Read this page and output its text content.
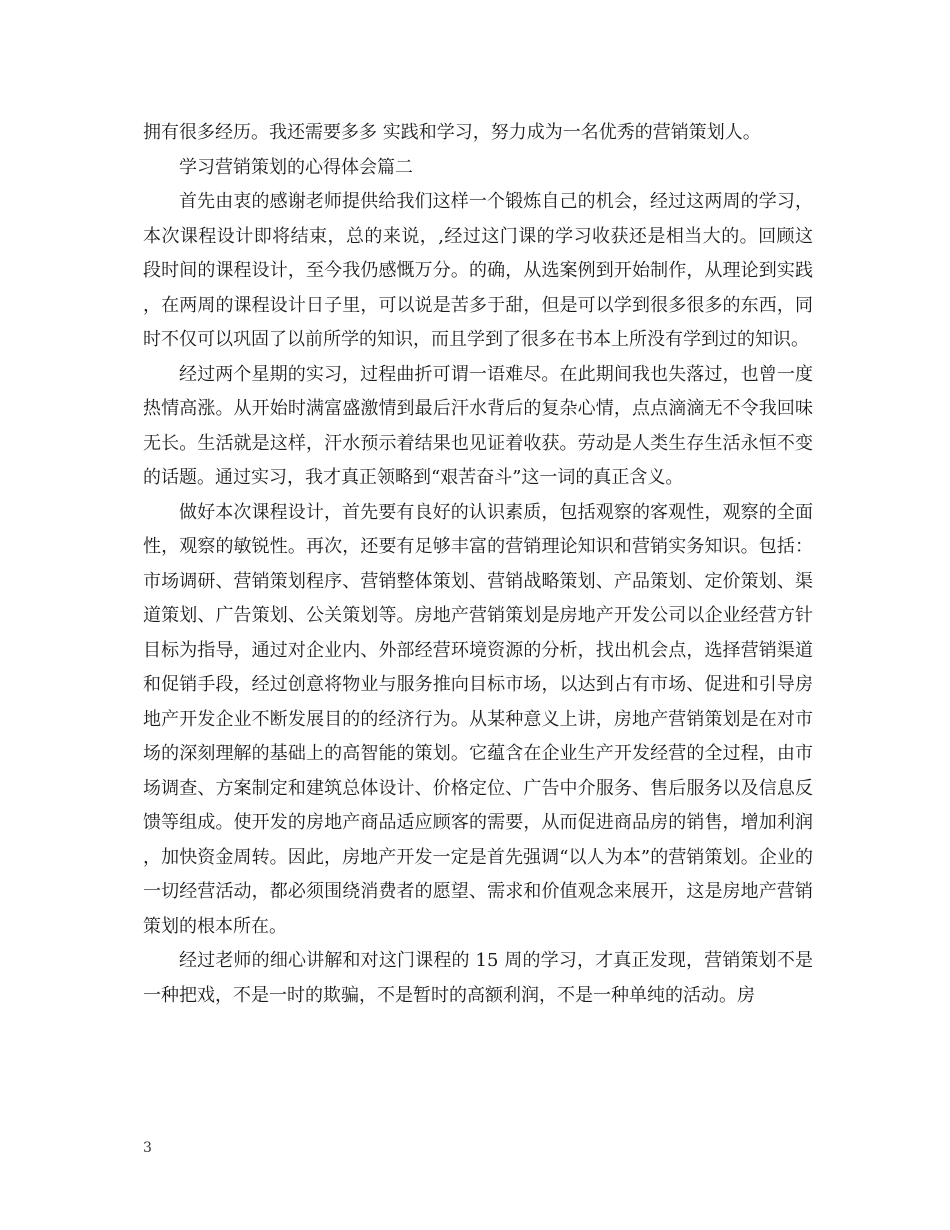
拥有很多经历。我还需要多多 实践和学习，努力成为一名优秀的营销策划人。

学习营销策划的心得体会篇二

首先由衷的感谢老师提供给我们这样一个锻炼自己的机会，经过这两周的学习，本次课程设计即将结束，总的来说，,经过这门课的学习收获还是相当大的。回顾这段时间的课程设计，至今我仍感慨万分。的确，从选案例到开始制作，从理论到实践，在两周的课程设计日子里，可以说是苦多于甜，但是可以学到很多很多的东西，同时不仅可以巩固了以前所学的知识，而且学到了很多在书本上所没有学到过的知识。

经过两个星期的实习，过程曲折可谓一语难尽。在此期间我也失落过，也曾一度热情高涨。从开始时满富盛激情到最后汗水背后的复杂心情，点点滴滴无不令我回味无长。生活就是这样，汗水预示着结果也见证着收获。劳动是人类生存生活永恒不变的话题。通过实习，我才真正领略到“艰苦奋斗”这一词的真正含义。

做好本次课程设计，首先要有良好的认识素质，包括观察的客观性，观察的全面性，观察的敏锐性。再次，还要有足够丰富的营销理论知识和营销实务知识。包括：市场调研、营销策划程序、营销整体策划、营销战略策划、产品策划、定价策划、渠道策划、广告策划、公关策划等。房地产营销策划是房地产开发公司以企业经营方针目标为指导，通过对企业内、外部经营环境资源的分析，找出机会点，选择营销渠道和促销手段，经过创意将物业与服务推向目标市场，以达到占有市场、促进和引导房地产开发企业不断发展目的的经济行为。从某种意义上讲，房地产营销策划是在对市场的深刻理解的基础上的高智能的策划。它蕴含在企业生产开发经营的全过程，由市场调查、方案制定和建筑总体设计、价格定位、广告中介服务、售后服务以及信息反馈等组成。使开发的房地产商品适应顾客的需要，从而促进商品房的销售，增加利润，加快资金周转。因此，房地产开发一定是首先强调“以人为本”的营销策划。企业的一切经营活动，都必须围绕消费者的愿望、需求和价值观念来展开，这是房地产营销策划的根本所在。

经过老师的细心讲解和对这门课程的 15 周的学习，才真正发现，营销策划不是一种把戏，不是一时的欺骗，不是暂时的高额利润，不是一种单纯的活动。房

3
